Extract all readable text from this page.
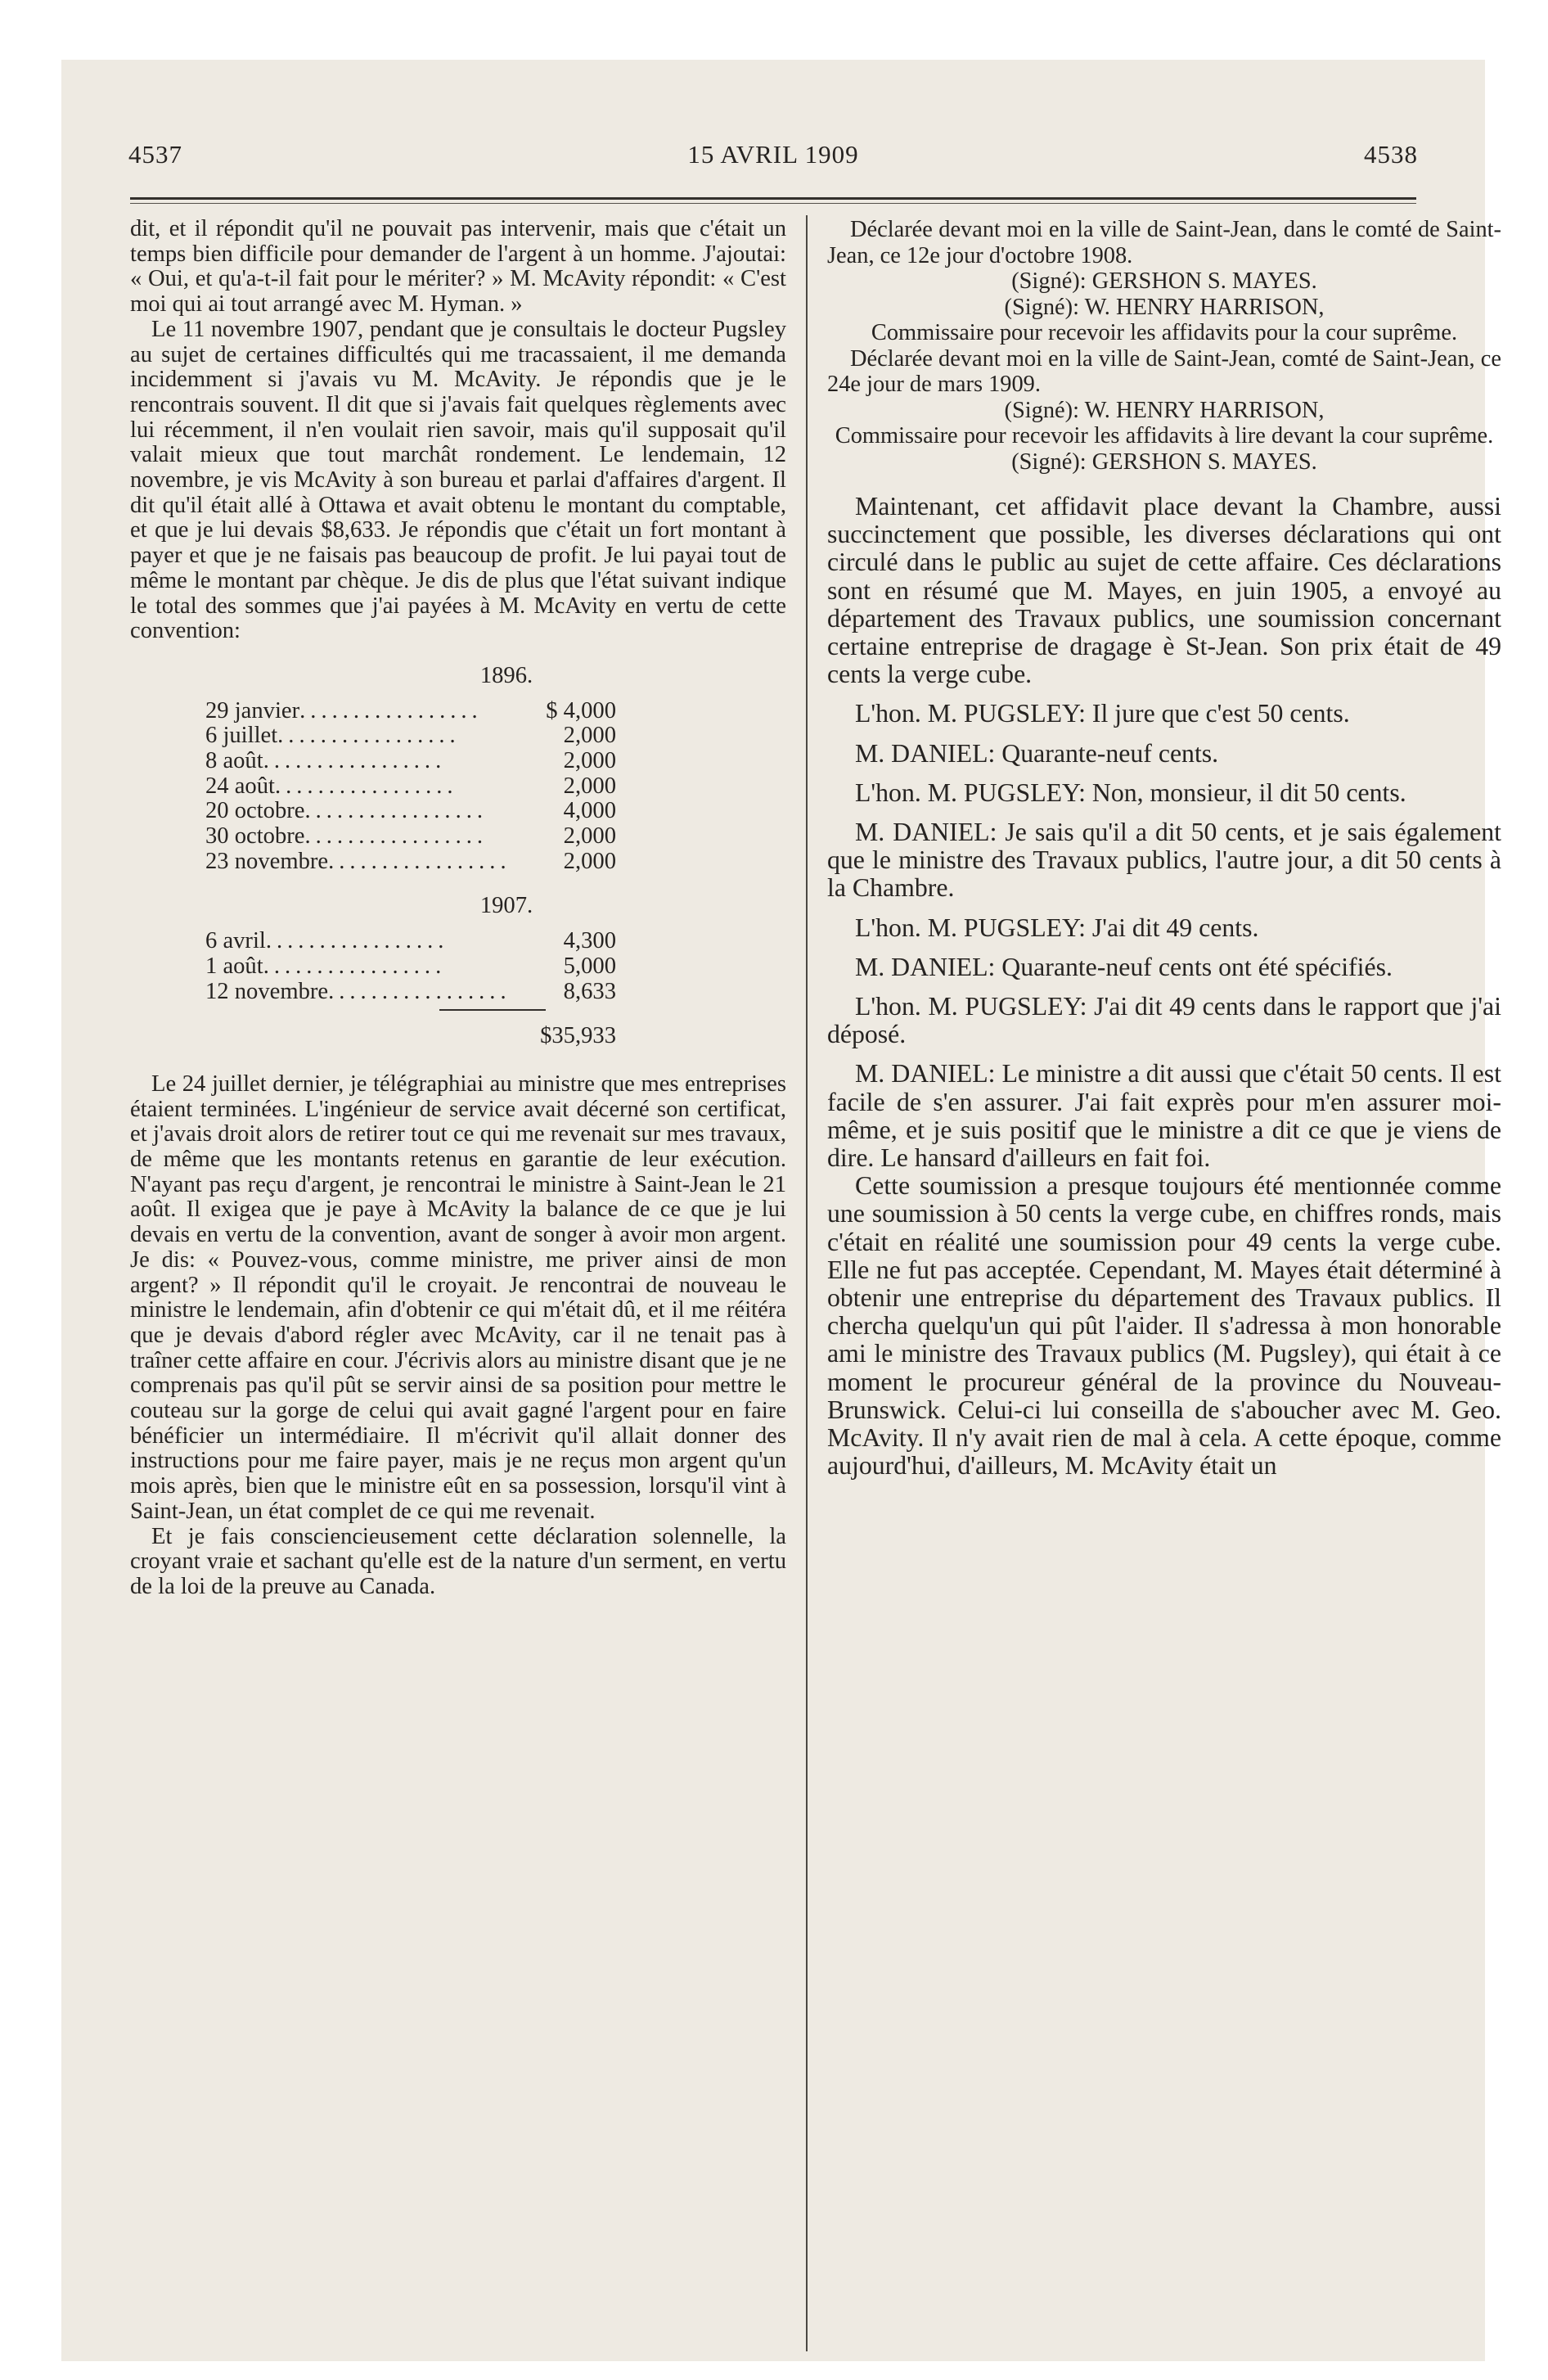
4537	15 AVRIL 1909	4538

dit, et il répondit qu'il ne pouvait pas intervenir, mais que c'était un temps bien difficile pour demander de l'argent à un homme. J'ajoutai: « Oui, et qu'a-t-il fait pour le mériter? » M. McAvity répondit: « C'est moi qui ai tout arrangé avec M. Hyman. »

Le 11 novembre 1907, pendant que je consultais le docteur Pugsley au sujet de certaines difficultés qui me tracassaient, il me demanda incidemment si j'avais vu M. McAvity. Je répondis que je le rencontrais souvent. Il dit que si j'avais fait quelques règlements avec lui récemment, il n'en voulait rien savoir, mais qu'il supposait qu'il valait mieux que tout marchât rondement. Le lendemain, 12 novembre, je vis McAvity à son bureau et parlai d'affaires d'argent. Il dit qu'il était allé à Ottawa et avait obtenu le montant du comptable, et que je lui devais $8,633. Je répondis que c'était un fort montant à payer et que je ne faisais pas beaucoup de profit. Je lui payai tout de même le montant par chèque. Je dis de plus que l'état suivant indique le total des sommes que j'ai payées à M. McAvity en vertu de cette convention:

1896.
29 janvier.................	$ 4,000
6 juillet.................	2,000
8 août.................	2,000
24 août.................	2,000
20 octobre.................	4,000
30 octobre.................	2,000
23 novembre.................	2,000
1907.
6 avril.................	4,300
1 août.................	5,000
12 novembre.................	8,633
$35,933

Le 24 juillet dernier, je télégraphiai au ministre que mes entreprises étaient terminées. L'ingénieur de service avait décerné son certificat, et j'avais droit alors de retirer tout ce qui me revenait sur mes travaux, de même que les montants retenus en garantie de leur exécution. N'ayant pas reçu d'argent, je rencontrai le ministre à Saint-Jean le 21 août. Il exigea que je paye à McAvity la balance de ce que je lui devais en vertu de la convention, avant de songer à avoir mon argent. Je dis: « Pouvez-vous, comme ministre, me priver ainsi de mon argent? » Il répondit qu'il le croyait. Je rencontrai de nouveau le ministre le lendemain, afin d'obtenir ce qui m'était dû, et il me réitéra que je devais d'abord régler avec McAvity, car il ne tenait pas à traîner cette affaire en cour. J'écrivis alors au ministre disant que je ne comprenais pas qu'il pût se servir ainsi de sa position pour mettre le couteau sur la gorge de celui qui avait gagné l'argent pour en faire bénéficier un intermédiaire. Il m'écrivit qu'il allait donner des instructions pour me faire payer, mais je ne reçus mon argent qu'un mois après, bien que le ministre eût en sa possession, lorsqu'il vint à Saint-Jean, un état complet de ce qui me revenait.

Et je fais consciencieusement cette déclaration solennelle, la croyant vraie et sachant qu'elle est de la nature d'un serment, en vertu de la loi de la preuve au Canada.

Déclarée devant moi en la ville de Saint-Jean, dans le comté de Saint-Jean, ce 12e jour d'octobre 1908.

(Signé): GERSHON S. MAYES.

(Signé): W. HENRY HARRISON,

Commissaire pour recevoir les affidavits pour la cour suprême.

Déclarée devant moi en la ville de Saint-Jean, comté de Saint-Jean, ce 24e jour de mars 1909.

(Signé): W. HENRY HARRISON,

Commissaire pour recevoir les affidavits à lire devant la cour suprême.

(Signé): GERSHON S. MAYES.

Maintenant, cet affidavit place devant la Chambre, aussi succinctement que possible, les diverses déclarations qui ont circulé dans le public au sujet de cette affaire. Ces déclarations sont en résumé que M. Mayes, en juin 1905, a envoyé au département des Travaux publics, une soumission concernant certaine entreprise de dragage è St-Jean. Son prix était de 49 cents la verge cube.

L'hon. M. PUGSLEY: Il jure que c'est 50 cents.

M. DANIEL: Quarante-neuf cents.

L'hon. M. PUGSLEY: Non, monsieur, il dit 50 cents.

M. DANIEL: Je sais qu'il a dit 50 cents, et je sais également que le ministre des Travaux publics, l'autre jour, a dit 50 cents à la Chambre.

L'hon. M. PUGSLEY: J'ai dit 49 cents.

M. DANIEL: Quarante-neuf cents ont été spécifiés.

L'hon. M. PUGSLEY: J'ai dit 49 cents dans le rapport que j'ai déposé.

M. DANIEL: Le ministre a dit aussi que c'était 50 cents. Il est facile de s'en assurer. J'ai fait exprès pour m'en assurer moi-même, et je suis positif que le ministre a dit ce que je viens de dire. Le hansard d'ailleurs en fait foi.

Cette soumission a presque toujours été mentionnée comme une soumission à 50 cents la verge cube, en chiffres ronds, mais c'était en réalité une soumission pour 49 cents la verge cube. Elle ne fut pas acceptée. Cependant, M. Mayes était déterminé à obtenir une entreprise du département des Travaux publics. Il chercha quelqu'un qui pût l'aider. Il s'adressa à mon honorable ami le ministre des Travaux publics (M. Pugsley), qui était à ce moment le procureur général de la province du Nouveau-Brunswick. Celui-ci lui conseilla de s'aboucher avec M. Geo. McAvity. Il n'y avait rien de mal à cela. A cette époque, comme aujourd'hui, d'ailleurs, M. McAvity était un
